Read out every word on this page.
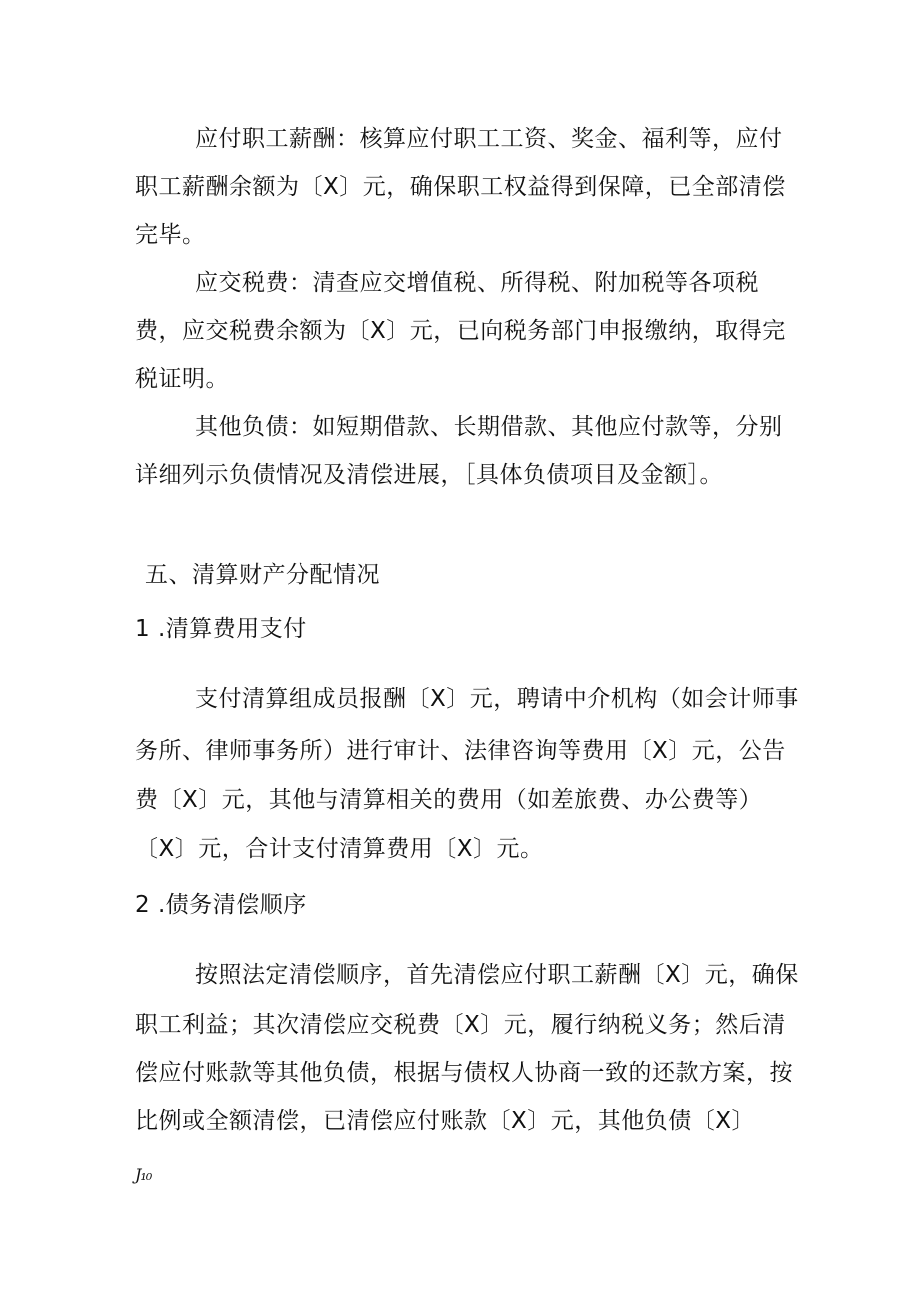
应付职工薪酬：核算应付职工工资、奖金、福利等，应付
职工薪酬余额为〔X〕元，确保职工权益得到保障，已全部清偿
完毕。
应交税费：清查应交增值税、所得税、附加税等各项税
费，应交税费余额为〔X〕元，已向税务部门申报缴纳，取得完
税证明。
其他负债：如短期借款、长期借款、其他应付款等，分别
详细列示负债情况及清偿进展，［具体负债项目及金额］。
五、清算财产分配情况
1 .清算费用支付
支付清算组成员报酬〔X〕元，聘请中介机构（如会计师事
务所、律师事务所）进行审计、法律咨询等费用〔X〕元，公告
费〔X〕元，其他与清算相关的费用（如差旅费、办公费等）
〔X〕元，合计支付清算费用〔X〕元。
2 .债务清偿顺序
按照法定清偿顺序，首先清偿应付职工薪酬〔X〕元，确保
职工利益；其次清偿应交税费〔X〕元，履行纳税义务；然后清
偿应付账款等其他负债，根据与债权人协商一致的还款方案，按
比例或全额清偿，已清偿应付账款〔X〕元，其他负债〔X〕
J₁₀
